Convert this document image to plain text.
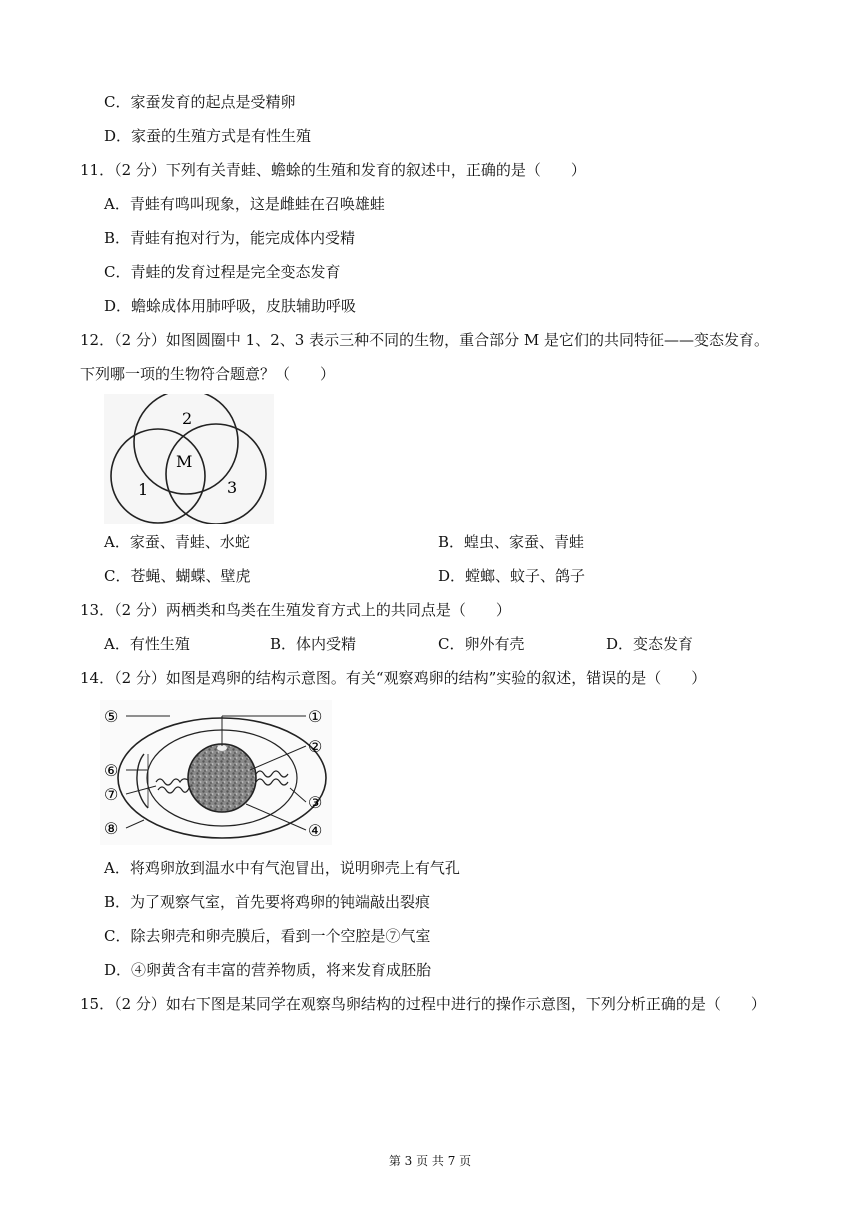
C．家蚕发育的起点是受精卵
D．家蚕的生殖方式是有性生殖
11．（2 分）下列有关青蛙、蟾蜍的生殖和发育的叙述中，正确的是（　　）
A．青蛙有鸣叫现象，这是雌蛙在召唤雄蛙
B．青蛙有抱对行为，能完成体内受精
C．青蛙的发育过程是完全变态发育
D．蟾蜍成体用肺呼吸，皮肤辅助呼吸
12．（2 分）如图圆圈中 1、2、3 表示三种不同的生物，重合部分 M 是它们的共同特征——变态发育。
下列哪一项的生物符合题意？（　　）
2
M
1	3
A．家蚕、青蛙、水蛇	B．蝗虫、家蚕、青蛙
C．苍蝇、蝴蝶、壁虎	D．螳螂、蚊子、鸽子
13．（2 分）两栖类和鸟类在生殖发育方式上的共同点是（　　）
A．有性生殖	B．体内受精	C．卵外有壳	D．变态发育
14．（2 分）如图是鸡卵的结构示意图。有关“观察鸡卵的结构”实验的叙述，错误的是（　　）
⑤
⑥
⑦
⑧
①
②
③
④
A．将鸡卵放到温水中有气泡冒出，说明卵壳上有气孔
B．为了观察气室，首先要将鸡卵的钝端敲出裂痕
C．除去卵壳和卵壳膜后，看到一个空腔是⑦气室
D．④卵黄含有丰富的营养物质，将来发育成胚胎
15．（2 分）如右下图是某同学在观察鸟卵结构的过程中进行的操作示意图，下列分析正确的是（　　）
第 3 页 共 7 页
